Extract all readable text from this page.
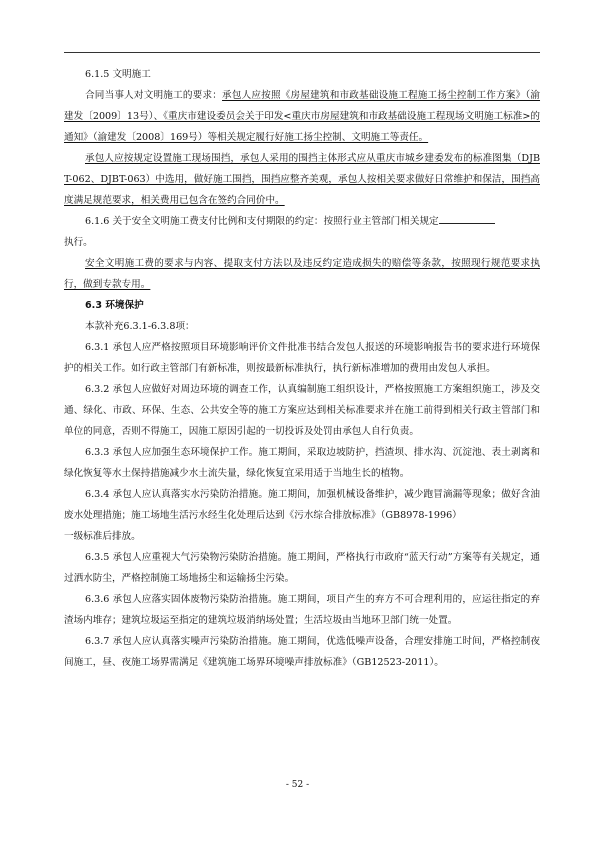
6.1.5 文明施工

合同当事人对文明施工的要求：承包人应按照《房屋建筑和市政基础设施工程施工扬尘控制工作方案》（渝建发〔2009〕13号）、《重庆市建设委员会关于印发<重庆市房屋建筑和市政基础设施工程现场文明施工标准>的通知》（渝建发〔2008〕169号）等相关规定履行好施工扬尘控制、文明施工等责任。

承包人应按规定设置施工现场围挡，承包人采用的围挡主体形式应从重庆市城乡建委发布的标准图集（DJBT-062、DJBT-063）中选用，做好施工围挡，围挡应整齐美观，承包人按相关要求做好日常维护和保洁，围挡高度满足规范要求，相关费用已包含在签约合同价中。

6.1.6 关于安全文明施工费支付比例和支付期限的约定：按照行业主管部门相关规定

执行。

安全文明施工费的要求与内容、提取支付方法以及违反约定造成损失的赔偿等条款，按照现行规范要求执行，做到专款专用。

6.3 环境保护

本款补充6.3.1-6.3.8项：

6.3.1 承包人应严格按照项目环境影响评价文件批准书结合发包人报送的环境影响报告书的要求进行环境保护的相关工作。如行政主管部门有新标准，则按最新标准执行，执行新标准增加的费用由发包人承担。

6.3.2 承包人应做好对周边环境的调查工作，认真编制施工组织设计，严格按照施工方案组织施工，涉及交通、绿化、市政、环保、生态、公共安全等的施工方案应达到相关标准要求并在施工前得到相关行政主管部门和单位的同意，否则不得施工，因施工原因引起的一切投诉及处罚由承包人自行负责。

6.3.3 承包人应加强生态环境保护工作。施工期间，采取边坡防护，挡渣坝、排水沟、沉淀池、表土剥离和绿化恢复等水土保持措施减少水土流失量，绿化恢复宜采用适于当地生长的植物。

6.3.4 承包人应认真落实水污染防治措施。施工期间，加强机械设备维护，减少跑冒滴漏等现象；做好含油废水处理措施；施工场地生活污水经生化处理后达到《污水综合排放标准》（GB8978-1996）

一级标准后排放。

6.3.5 承包人应重视大气污染物污染防治措施。施工期间，严格执行市政府“蓝天行动”方案等有关规定，通过洒水防尘，严格控制施工场地扬尘和运输扬尘污染。

6.3.6 承包人应落实固体废物污染防治措施。施工期间，项目产生的弃方不可合理利用的，应运往指定的弃渣场内堆存；建筑垃圾运至指定的建筑垃圾消纳场处置；生活垃圾由当地环卫部门统一处置。

6.3.7 承包人应认真落实噪声污染防治措施。施工期间，优选低噪声设备，合理安排施工时间，严格控制夜间施工，昼、夜施工场界需满足《建筑施工场界环境噪声排放标准》（GB12523-2011）。

- 52 -
